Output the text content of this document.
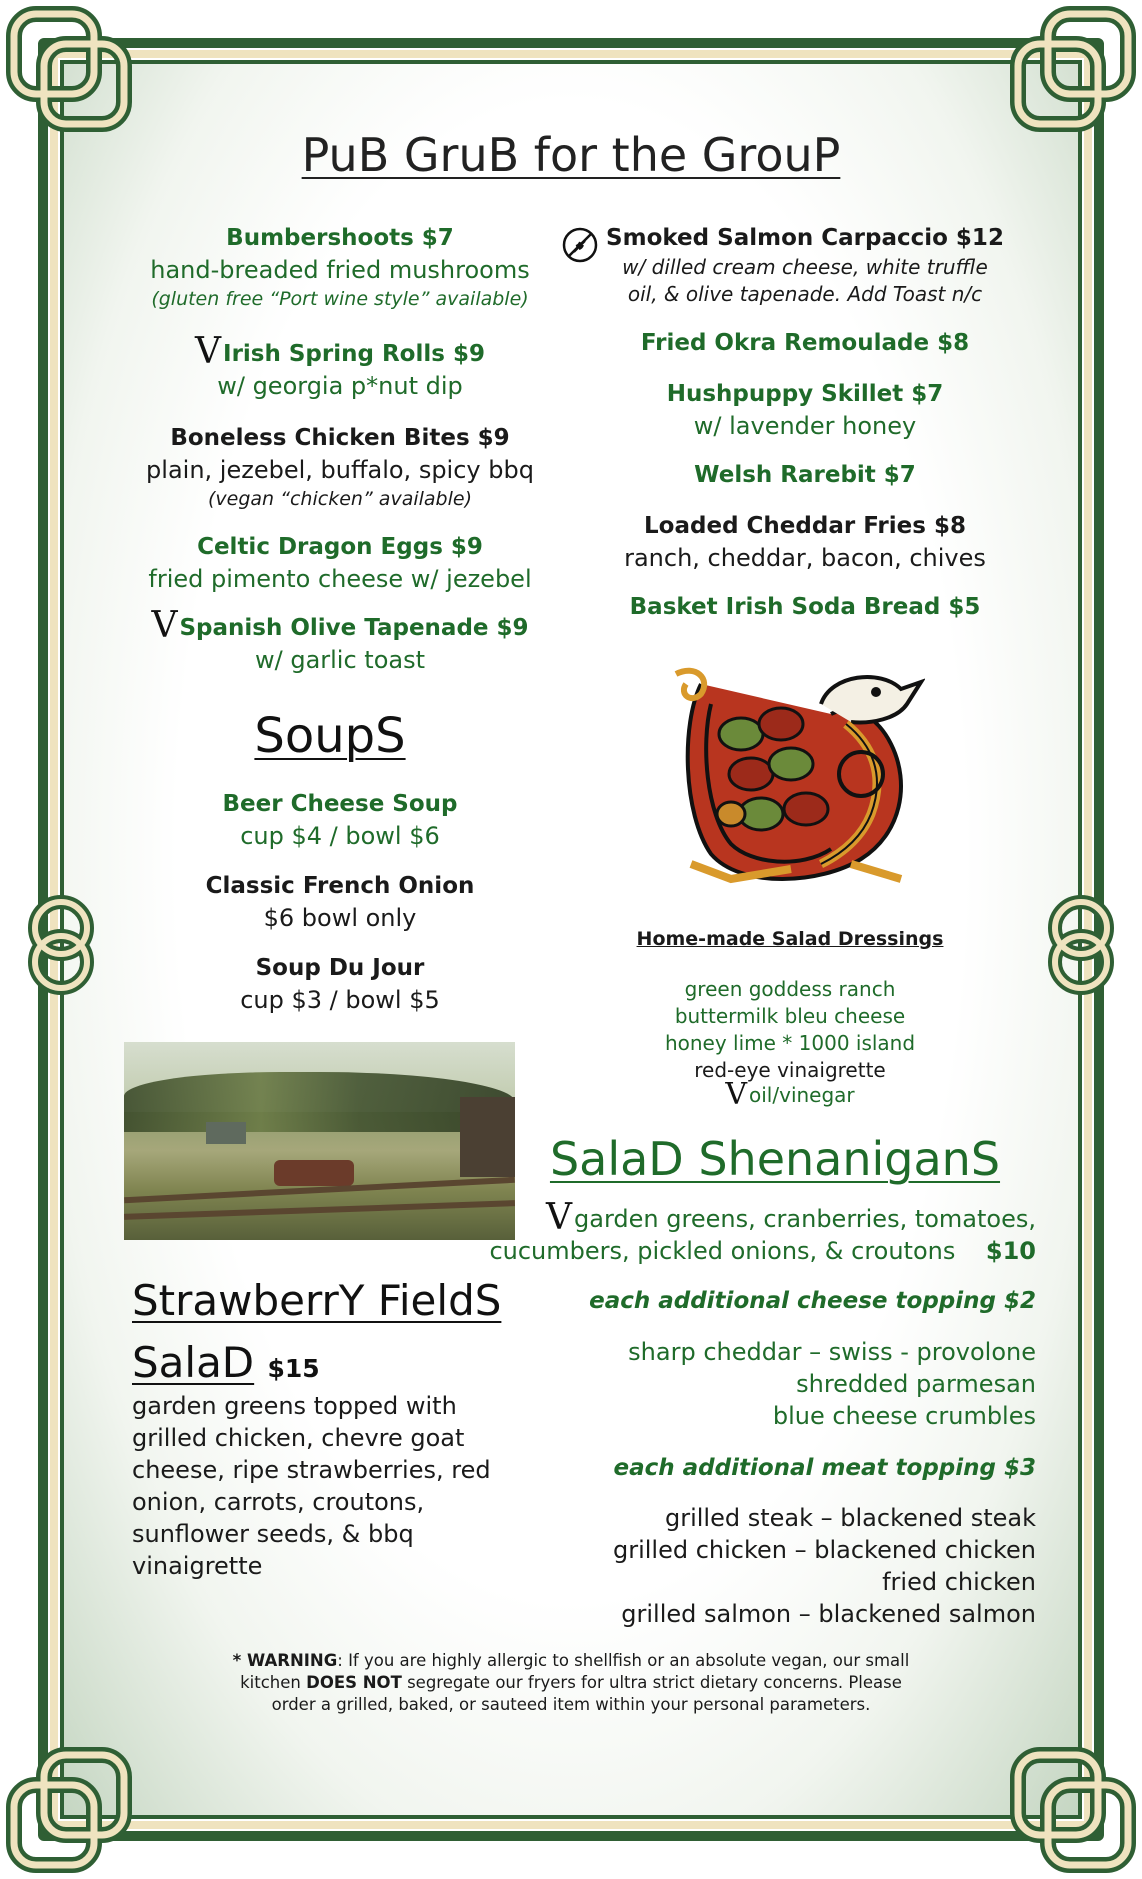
PuB GruB for the GrouP
Bumbershoots $7
hand-breaded fried mushrooms
(gluten free “Port wine style” available)
VIrish Spring Rolls $9
w/ georgia p*nut dip
Boneless Chicken Bites $9
plain, jezebel, buffalo, spicy bbq
(vegan “chicken” available)
Celtic Dragon Eggs $9
fried pimento cheese w/ jezebel
VSpanish Olive Tapenade $9
w/ garlic toast
SoupS
Beer Cheese Soup
cup $4 / bowl $6
Classic French Onion
$6 bowl only
Soup Du Jour
cup $3 / bowl $5
Smoked Salmon Carpaccio $12
w/ dilled cream cheese, white truffle
oil, & olive tapenade. Add Toast n/c
Fried Okra Remoulade $8
Hushpuppy Skillet $7
w/ lavender honey
Welsh Rarebit $7
Loaded Cheddar Fries $8
ranch, cheddar, bacon, chives
Basket Irish Soda Bread $5
Home-made Salad Dressings
green goddess ranch
buttermilk bleu cheese
honey lime * 1000 island
red-eye vinaigrette
Voil/vinegar
SalaD ShenaniganS
Vgarden greens, cranberries, tomatoes,
cucumbers, pickled onions, & croutons $10
each additional cheese topping $2
sharp cheddar – swiss - provolone
shredded parmesan
blue cheese crumbles
each additional meat topping $3
grilled steak – blackened steak
grilled chicken – blackened chicken
fried chicken
grilled salmon – blackened salmon
StrawberrY FieldS
SalaD $15
garden greens topped with grilled chicken, chevre goat cheese, ripe strawberries, red onion, carrots, croutons, sunflower seeds, & bbq vinaigrette
* WARNING: If you are highly allergic to shellfish or an absolute vegan, our small
kitchen DOES NOT segregate our fryers for ultra strict dietary concerns. Please
order a grilled, baked, or sauteed item within your personal parameters.
